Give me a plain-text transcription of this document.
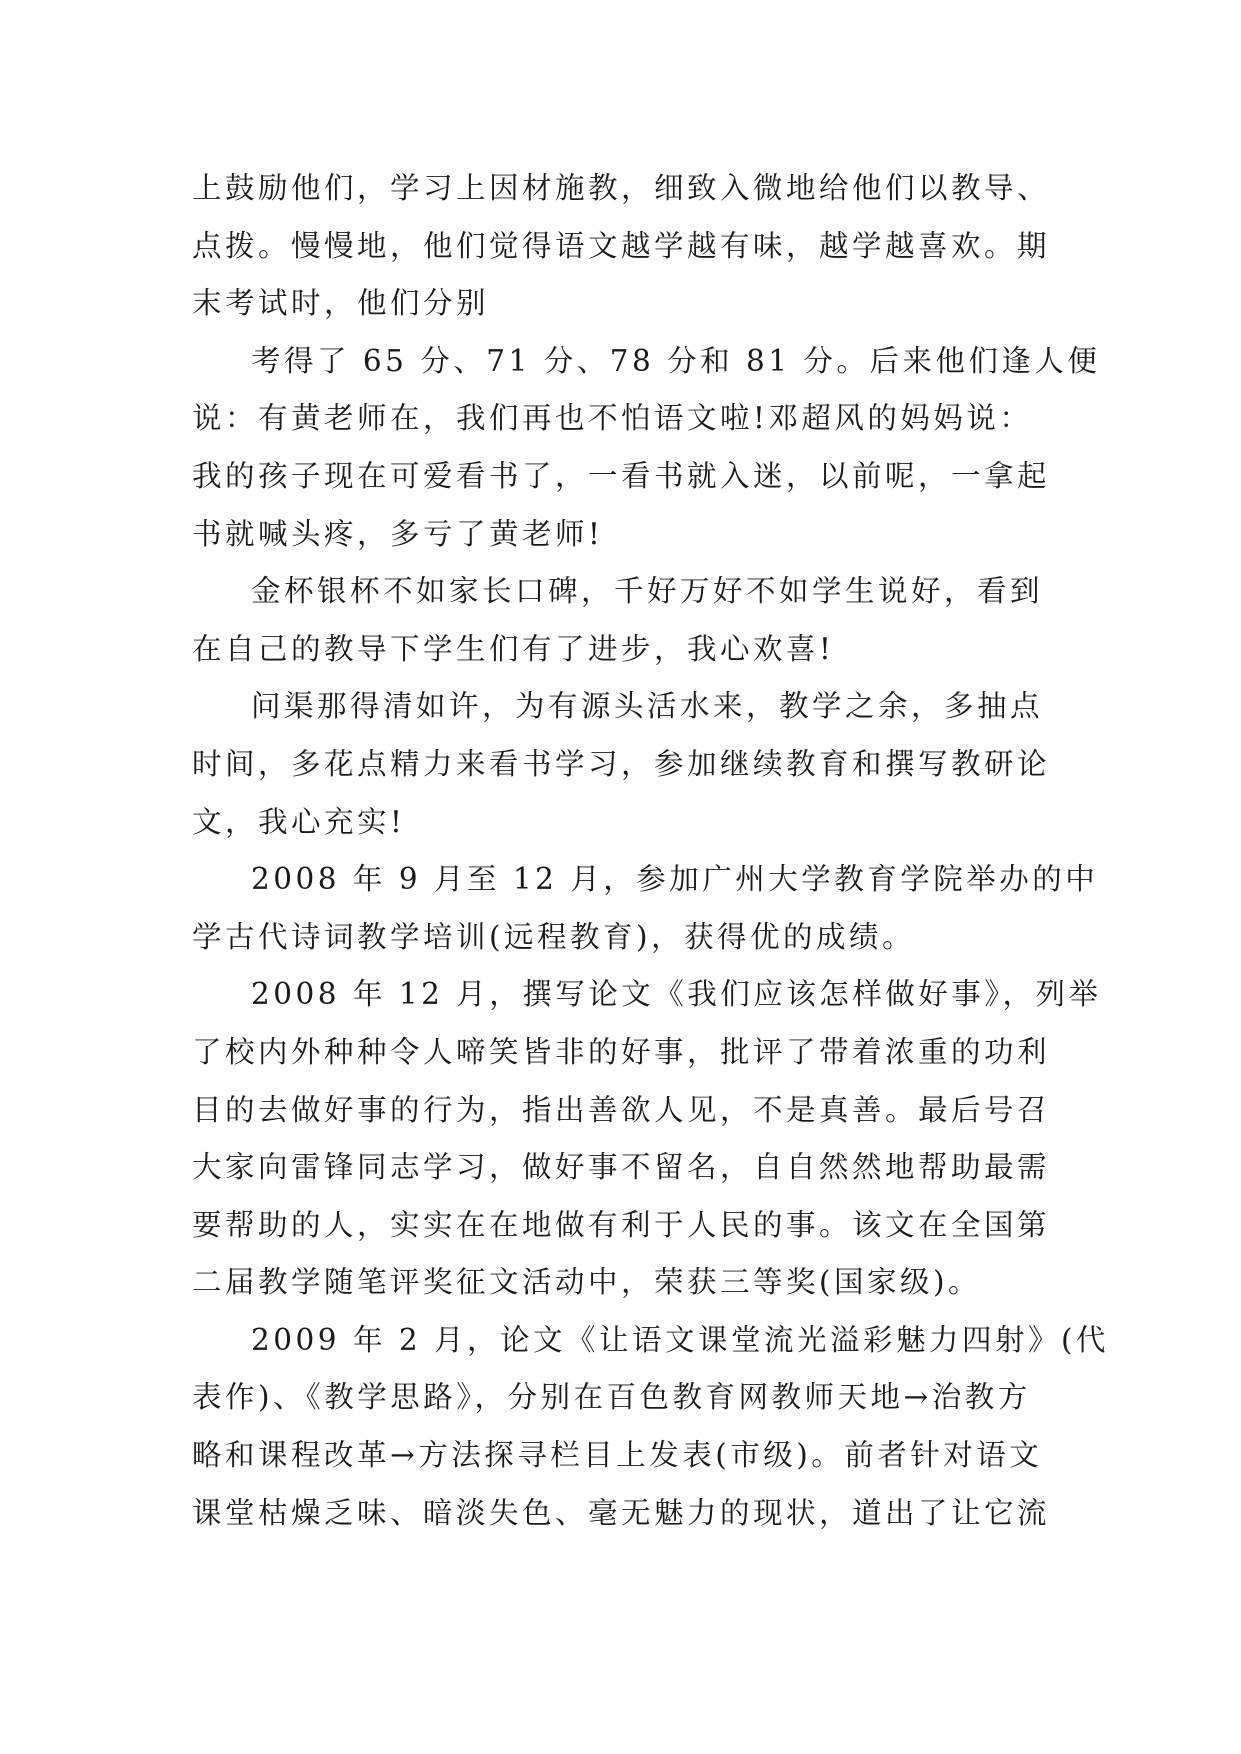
上鼓励他们，学习上因材施教，细致入微地给他们以教导、
点拨。慢慢地，他们觉得语文越学越有味，越学越喜欢。期
末考试时，他们分别

考得了 65 分、71 分、78 分和 81 分。后来他们逢人便
说：有黄老师在，我们再也不怕语文啦!邓超风的妈妈说：
我的孩子现在可爱看书了，一看书就入迷，以前呢，一拿起
书就喊头疼，多亏了黄老师!

金杯银杯不如家长口碑，千好万好不如学生说好，看到
在自己的教导下学生们有了进步，我心欢喜!

问渠那得清如许，为有源头活水来，教学之余，多抽点
时间，多花点精力来看书学习，参加继续教育和撰写教研论
文，我心充实!

2008 年 9 月至 12 月，参加广州大学教育学院举办的中
学古代诗词教学培训(远程教育)，获得优的成绩。

2008 年 12 月，撰写论文《我们应该怎样做好事》，列举
了校内外种种令人啼笑皆非的好事，批评了带着浓重的功利
目的去做好事的行为，指出善欲人见，不是真善。最后号召
大家向雷锋同志学习，做好事不留名，自自然然地帮助最需
要帮助的人，实实在在地做有利于人民的事。该文在全国第
二届教学随笔评奖征文活动中，荣获三等奖(国家级)。

2009 年 2 月，论文《让语文课堂流光溢彩魅力四射》(代
表作)、《教学思路》，分别在百色教育网教师天地→治教方
略和课程改革→方法探寻栏目上发表(市级)。前者针对语文
课堂枯燥乏味、暗淡失色、毫无魅力的现状，道出了让它流
